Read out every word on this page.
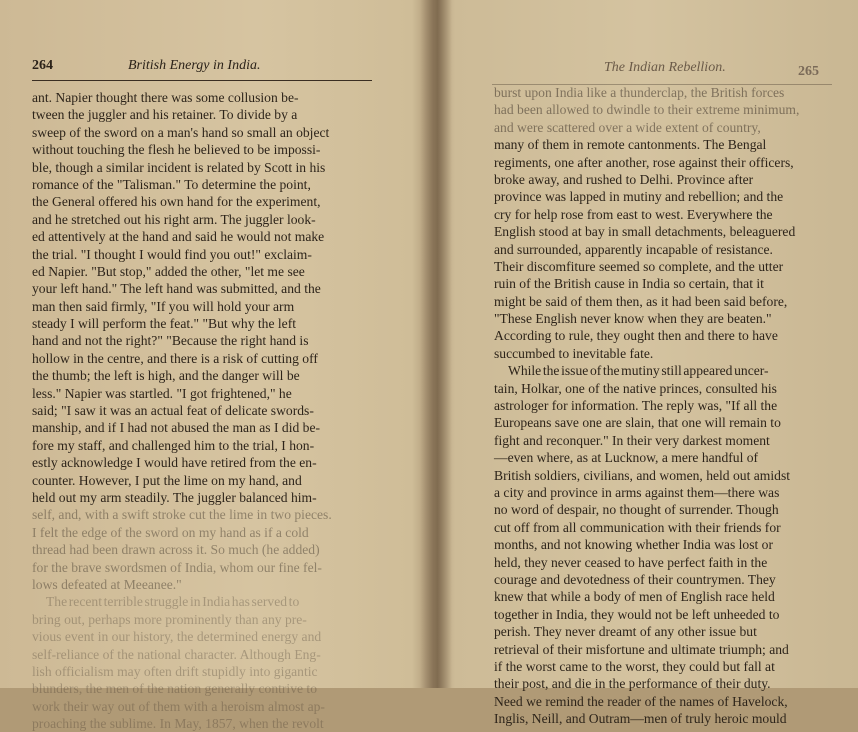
264	British Energy in India.
ant. Napier thought there was some collusion be-
tween the juggler and his retainer. To divide by a
sweep of the sword on a man's hand so small an object
without touching the flesh he believed to be impossi-
ble, though a similar incident is related by Scott in his
romance of the "Talisman." To determine the point,
the General offered his own hand for the experiment,
and he stretched out his right arm. The juggler look-
ed attentively at the hand and said he would not make
the trial. "I thought I would find you out!" exclaim-
ed Napier. "But stop," added the other, "let me see
your left hand." The left hand was submitted, and the
man then said firmly, "If you will hold your arm
steady I will perform the feat." "But why the left
hand and not the right?" "Because the right hand is
hollow in the centre, and there is a risk of cutting off
the thumb; the left is high, and the danger will be
less." Napier was startled. "I got frightened," he
said; "I saw it was an actual feat of delicate swords-
manship, and if I had not abused the man as I did be-
fore my staff, and challenged him to the trial, I hon-
estly acknowledge I would have retired from the en-
counter. However, I put the lime on my hand, and
held out my arm steadily. The juggler balanced him-
self, and, with a swift stroke cut the lime in two pieces.
I felt the edge of the sword on my hand as if a cold
thread had been drawn across it. So much (he added)
for the brave swordsmen of India, whom our fine fel-
lows defeated at Meeanee."
The recent terrible struggle in India has served to
bring out, perhaps more prominently than any pre-
vious event in our history, the determined energy and
self-reliance of the national character. Although Eng-
lish officialism may often drift stupidly into gigantic
blunders, the men of the nation generally contrive to
work their way out of them with a heroism almost ap-
proaching the sublime. In May, 1857, when the revolt
The Indian Rebellion.	265
burst upon India like a thunderclap, the British forces
had been allowed to dwindle to their extreme minimum,
and were scattered over a wide extent of country,
many of them in remote cantonments. The Bengal
regiments, one after another, rose against their officers,
broke away, and rushed to Delhi. Province after
province was lapped in mutiny and rebellion; and the
cry for help rose from east to west. Everywhere the
English stood at bay in small detachments, beleaguered
and surrounded, apparently incapable of resistance.
Their discomfiture seemed so complete, and the utter
ruin of the British cause in India so certain, that it
might be said of them then, as it had been said before,
"These English never know when they are beaten."
According to rule, they ought then and there to have
succumbed to inevitable fate.
While the issue of the mutiny still appeared uncer-
tain, Holkar, one of the native princes, consulted his
astrologer for information. The reply was, "If all the
Europeans save one are slain, that one will remain to
fight and reconquer." In their very darkest moment
—even where, as at Lucknow, a mere handful of
British soldiers, civilians, and women, held out amidst
a city and province in arms against them—there was
no word of despair, no thought of surrender. Though
cut off from all communication with their friends for
months, and not knowing whether India was lost or
held, they never ceased to have perfect faith in the
courage and devotedness of their countrymen. They
knew that while a body of men of English race held
together in India, they would not be left unheeded to
perish. They never dreamt of any other issue but
retrieval of their misfortune and ultimate triumph; and
if the worst came to the worst, they could but fall at
their post, and die in the performance of their duty.
Need we remind the reader of the names of Havelock,
Inglis, Neill, and Outram—men of truly heroic mould
